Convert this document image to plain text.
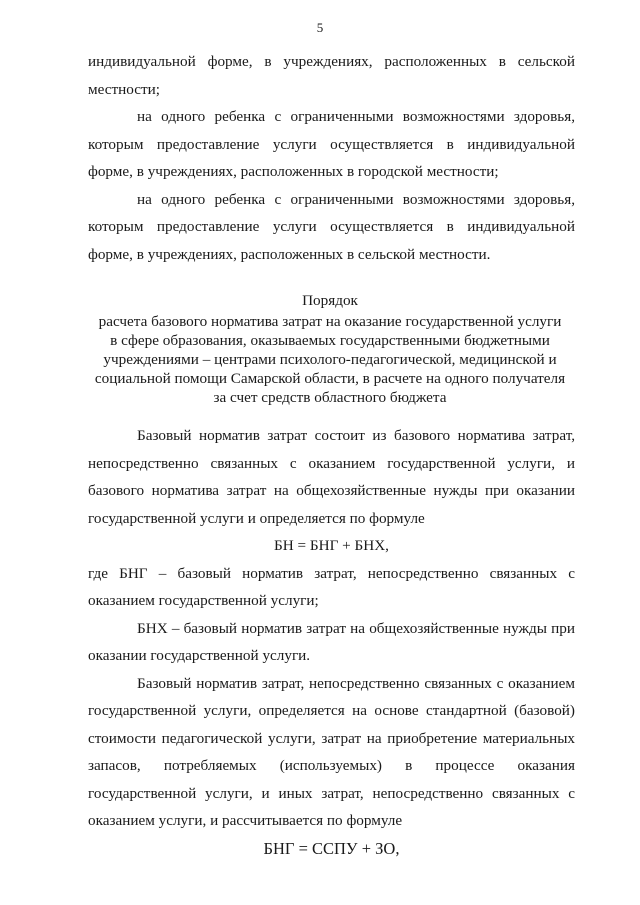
5

индивидуальной форме, в учреждениях, расположенных в сельской местности;

на одного ребенка с ограниченными возможностями здоровья, которым предоставление услуги осуществляется в индивидуальной форме, в учреждениях, расположенных в городской местности;

на одного ребенка с ограниченными возможностями здоровья, которым предоставление услуги осуществляется в индивидуальной форме, в учреждениях, расположенных в сельской местности.

Порядок
расчета базового норматива затрат на оказание государственной услуги
в сфере образования, оказываемых государственными бюджетными
учреждениями – центрами психолого-педагогической, медицинской и
социальной помощи Самарской области, в расчете на одного получателя
за счет средств областного бюджета

Базовый норматив затрат состоит из базового норматива затрат, непосредственно связанных с оказанием государственной услуги, и базового норматива затрат на общехозяйственные нужды при оказании государственной услуги и определяется по формуле

БН = БНГ + БНХ,

где БНГ – базовый норматив затрат, непосредственно связанных с оказанием государственной услуги;

БНХ – базовый норматив затрат на общехозяйственные нужды при оказании государственной услуги.

Базовый норматив затрат, непосредственно связанных с оказанием государственной услуги, определяется на основе стандартной (базовой) стоимости педагогической услуги, затрат на приобретение материальных запасов, потребляемых (используемых) в процессе оказания государственной услуги, и иных затрат, непосредственно связанных с оказанием услуги, и рассчитывается по формуле

БНГ = ССПУ + ЗО,
